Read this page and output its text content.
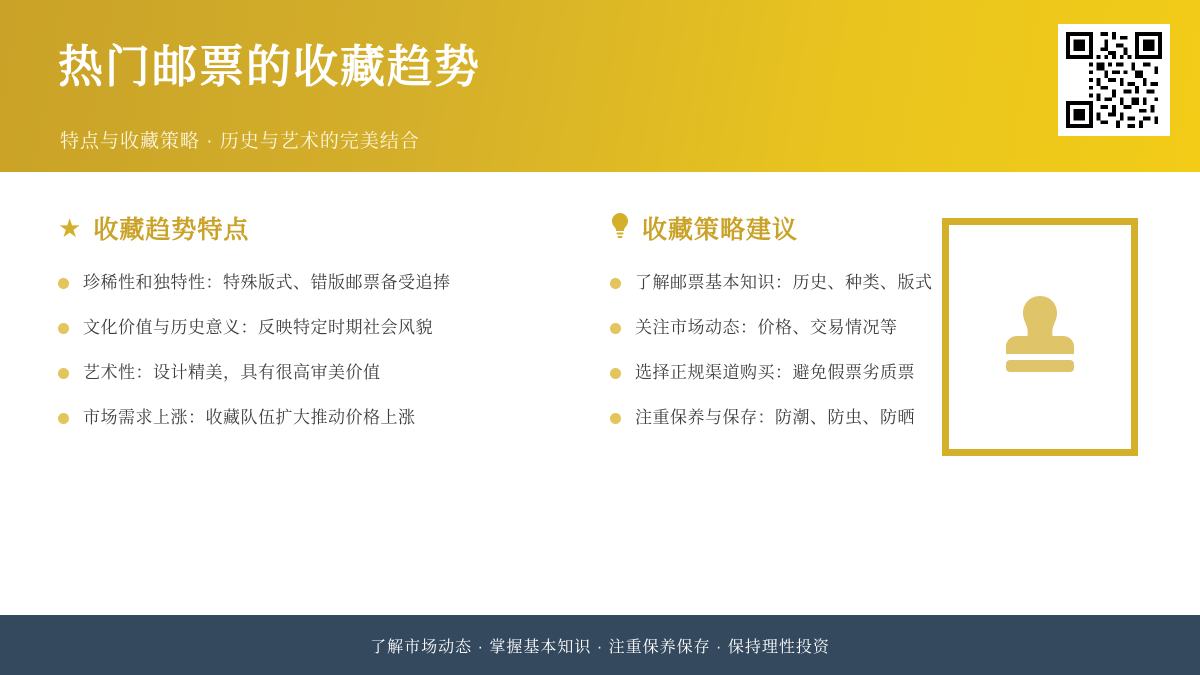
热门邮票的收藏趋势
特点与收藏策略 · 历史与艺术的完美结合
★ 收藏趋势特点
珍稀性和独特性：特殊版式、错版邮票备受追捧
文化价值与历史意义：反映特定时期社会风貌
艺术性：设计精美，具有很高审美价值
市场需求上涨：收藏队伍扩大推动价格上涨
收藏策略建议
了解邮票基本知识：历史、种类、版式
关注市场动态：价格、交易情况等
选择正规渠道购买：避免假票劣质票
注重保养与保存：防潮、防虫、防晒
了解市场动态 · 掌握基本知识 · 注重保养保存 · 保持理性投资
